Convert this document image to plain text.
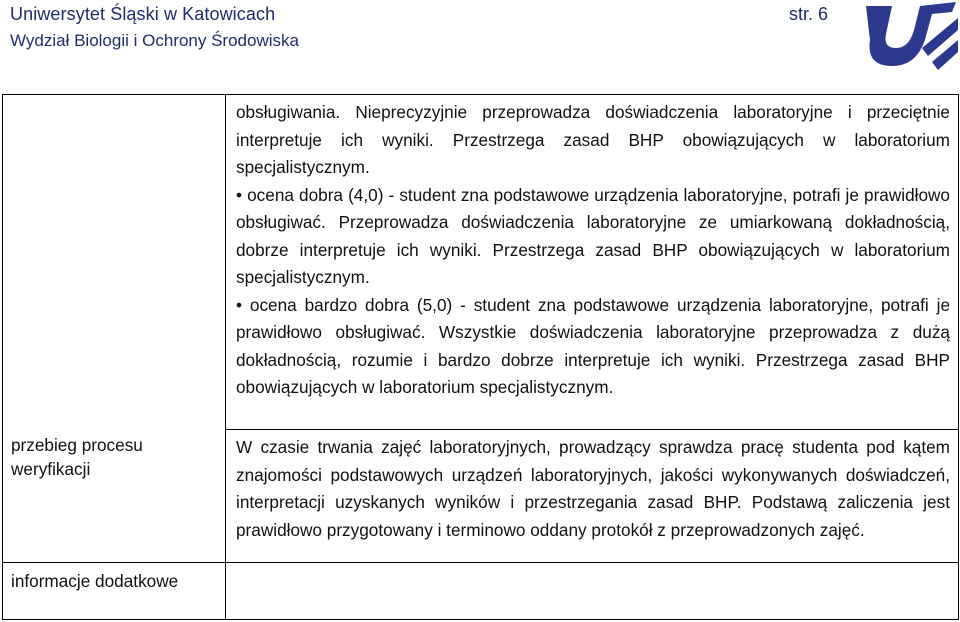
Uniwersytet Śląski w Katowicach
Wydział Biologii i Ochrony Środowiska
str. 6
przebieg procesu weryfikacji	obsługiwania. Nieprecyzyjnie przeprowadza doświadczenia laboratoryjne i przeciętnie interpretuje ich wyniki. Przestrzega zasad BHP obowiązujących w laboratorium specjalistycznym.

• ocena dobra (4,0) - student zna podstawowe urządzenia laboratoryjne, potrafi je prawidłowo obsługiwać. Przeprowadza doświadczenia laboratoryjne ze umiarkowaną dokładnością, dobrze interpretuje ich wyniki. Przestrzega zasad BHP obowiązujących w laboratorium specjalistycznym.

• ocena bardzo dobra (5,0) - student zna podstawowe urządzenia laboratoryjne, potrafi je prawidłowo obsługiwać. Wszystkie doświadczenia laboratoryjne przeprowadza z dużą dokładnością, rozumie i bardzo dobrze interpretuje ich wyniki. Przestrzega zasad BHP obowiązujących w laboratorium specjalistycznym.

	W czasie trwania zajęć laboratoryjnych, prowadzący sprawdza pracę studenta pod kątem znajomości podstawowych urządzeń laboratoryjnych, jakości wykonywanych doświadczeń, interpretacji uzyskanych wyników i przestrzegania zasad BHP. Podstawą zaliczenia jest prawidłowo przygotowany i terminowo oddany protokół z przeprowadzonych zajęć.

informacje dodatkowe	
